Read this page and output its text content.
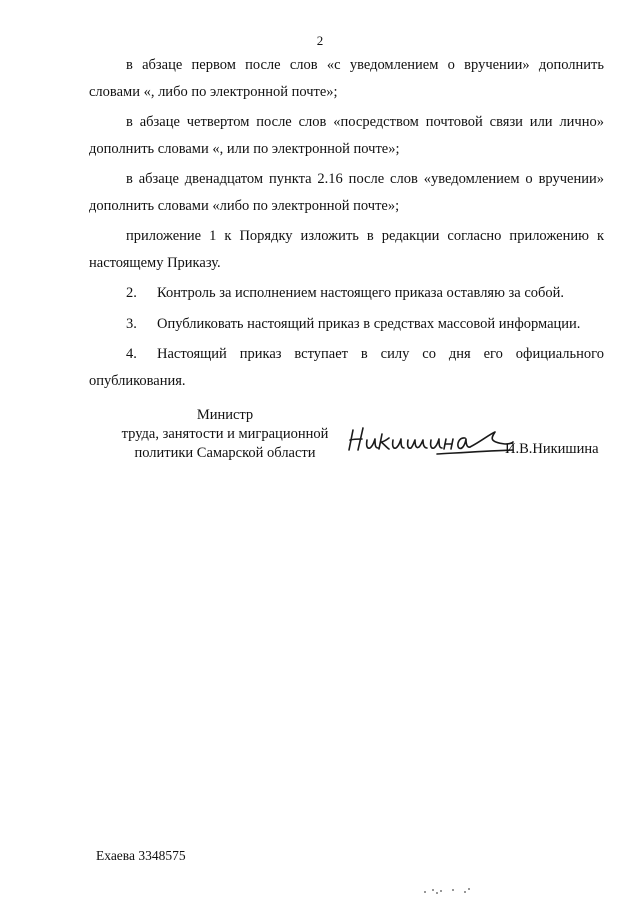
2

в абзаце первом после слов «с уведомлением о вручении» дополнить словами «, либо по электронной почте»;

в абзаце четвертом после слов «посредством почтовой связи или лично» дополнить словами «, или по электронной почте»;

в абзаце двенадцатом пункта 2.16 после слов «уведомлением о вручении» дополнить словами «либо по электронной почте»;

приложение 1 к Порядку изложить в редакции согласно приложению к настоящему Приказу.

2. Контроль за исполнением настоящего приказа оставляю за собой.

3. Опубликовать настоящий приказ в средствах массовой информации.

4. Настоящий приказ вступает в силу со дня его официального опубликования.

Министр
труда, занятости и миграционной
политики Самарской области	И.В.Никишина
Ехаева 3348575
